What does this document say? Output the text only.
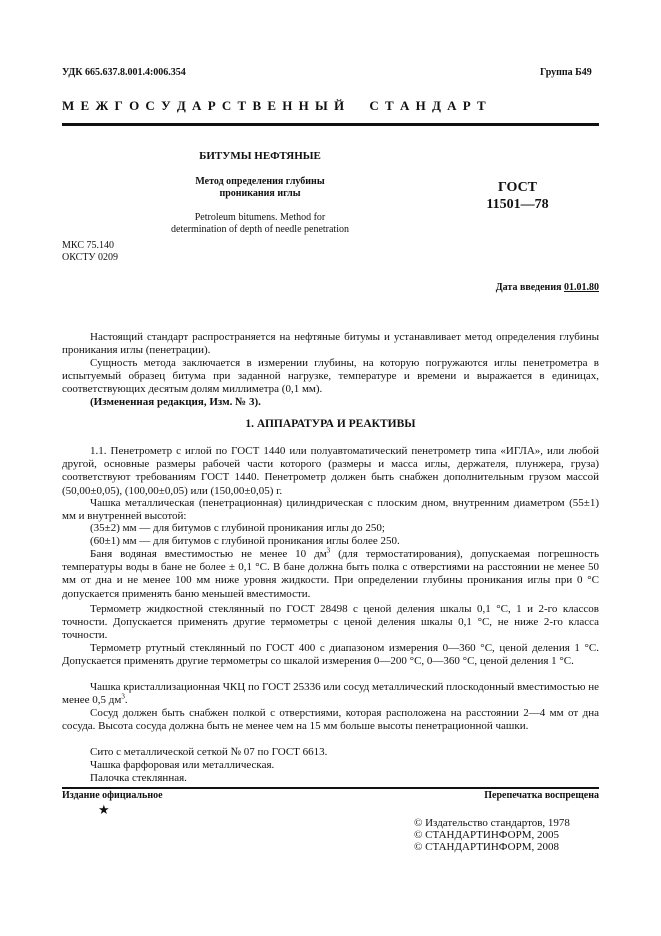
УДК 665.637.8.001.4:006.354	Группа Б49
М Е Ж Г О С У Д А Р С Т В Е Н Н Ы Й     С Т А Н Д А Р Т
БИТУМЫ НЕФТЯНЫЕ
Метод определения глубины
проникания иглы
Petroleum bitumens. Method for
determination of depth of needle penetration
ГОСТ
11501—78
МКС 75.140
ОКСТУ 0209
Дата введения 01.01.80

Настоящий стандарт распространяется на нефтяные битумы и устанавливает метод определения глубины проникания иглы (пенетрации).

Сущность метода заключается в измерении глубины, на которую погружаются иглы пенетрометра в испытуемый образец битума при заданной нагрузке, температуре и времени и выражается в единицах, соответствующих десятым долям миллиметра (0,1 мм).

(Измененная редакция, Изм. № 3).

1. АППАРАТУРА И РЕАКТИВЫ

1.1. Пенетрометр с иглой по ГОСТ 1440 или полуавтоматический пенетрометр типа «ИГЛА», или любой другой, основные размеры рабочей части которого (размеры и масса иглы, держателя, плунжера, груза) соответствуют требованиям ГОСТ 1440. Пенетрометр должен быть снабжен дополнительным грузом массой (50,00±0,05), (100,00±0,05) или (150,00±0,05) г.

Чашка металлическая (пенетрационная) цилиндрическая с плоским дном, внутренним диаметром (55±1) мм и внутренней высотой:

(35±2) мм — для битумов с глубиной проникания иглы до 250;

(60±1) мм — для битумов с глубиной проникания иглы более 250.

Баня водяная вместимостью не менее 10 $дм^3$ (для термостатирования), допускаемая погрешность температуры воды в бане не более ± 0,1 °С. В бане должна быть полка с отверстиями на расстоянии не менее 50 мм от дна и не менее 100 мм ниже уровня жидкости. При определении глубины проникания иглы при 0 °С допускается применять баню меньшей вместимости.

Термометр жидкостной стеклянный по ГОСТ 28498 с ценой деления шкалы 0,1 °С, 1 и 2-го классов точности. Допускается применять другие термометры с ценой деления шкалы 0,1 °С, не ниже 2-го класса точности.

Термометр ртутный стеклянный по ГОСТ 400 с диапазоном измерения 0—360 °С, ценой деления 1 °С. Допускается применять другие термометры со шкалой измерения 0—200 °С, 0—360 °С, ценой деления 1 °С.

Чашка кристаллизационная ЧКЦ по ГОСТ 25336 или сосуд металлический плоскодонный вместимостью не менее 0,5 $дм^3$.

Сосуд должен быть снабжен полкой с отверстиями, которая расположена на расстоянии 2—4 мм от дна сосуда. Высота сосуда должна быть не менее чем на 15 мм больше высоты пенетрационной чашки.

Сито с металлической сеткой № 07 по ГОСТ 6613.

Чашка фарфоровая или металлическая.

Палочка стеклянная.

Издание официальное
★
Перепечатка воспрещена
© Издательство стандартов, 1978
© СТАНДАРТИНФОРМ, 2005
© СТАНДАРТИНФОРМ, 2008
